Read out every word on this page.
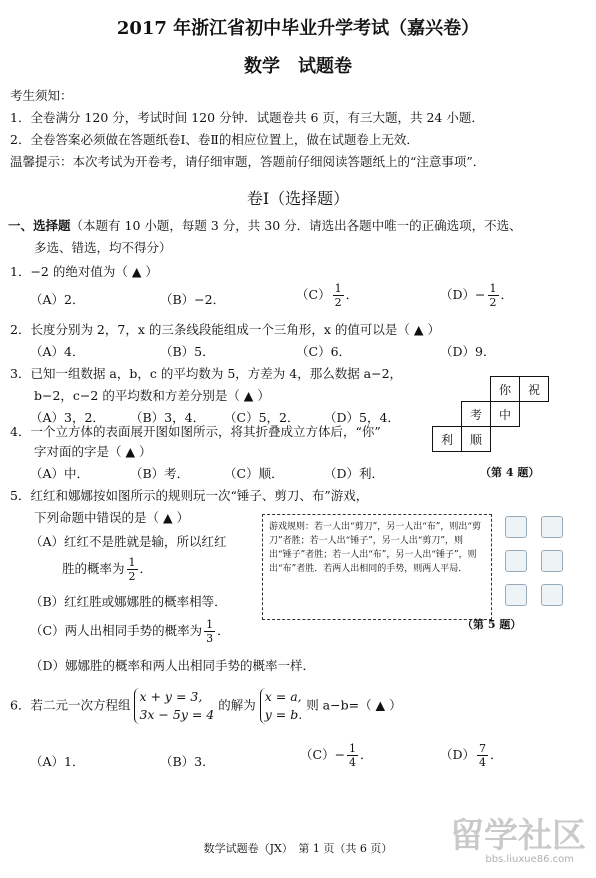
2017 年浙江省初中毕业升学考试（嘉兴卷）
数学　试题卷
考生须知：
1．全卷满分 120 分，考试时间 120 分钟．试题卷共 6 页，有三大题，共 24 小题．
2．全卷答案必须做在答题纸卷Ⅰ、卷Ⅱ的相应位置上，做在试题卷上无效．
温馨提示：本次考试为开卷考，请仔细审题，答题前仔细阅读答题纸上的“注意事项”．
卷Ⅰ（选择题）
一、选择题（本题有 10 小题，每题 3 分，共 30 分．请选出各题中唯一的正确选项，不选、
多选、错选，均不得分）
1．−2 的绝对值为（ ▲ ）
（A）2．	（B）−2．	$(C) \frac{1}{2}$ ．	$(D)- \frac{1}{2}$ ．
2．长度分别为 2，7，x 的三条线段能组成一个三角形，x 的值可以是（ ▲ ）
（A）4．	（B）5．	（C）6．	（D）9．
3．已知一组数据 a，b，c 的平均数为 5，方差为 4，那么数据 a−2，
b−2，c−2 的平均数和方差分别是（ ▲ ）
（A）3，2． （B）3，4． （C）5，2． （D）5，4．
		你	祝
	考	中	
利	顺		
（第 4 题）
4．一个立方体的表面展开图如图所示，将其折叠成立方体后，“你”
字对面的字是（ ▲ ）
（A）中．	（B）考．	（C）顺．	（D）利．
5．红红和娜娜按如图所示的规则玩一次“锤子、剪刀、布”游戏，
下列命题中错误的是（ ▲ ）
（A）红红不是胜就是输，所以红红
胜的概率为 $\frac{1}{2}$ ．
（B）红红胜或娜娜胜的概率相等．
（C）两人出相同手势的概率为 $\frac{1}{3}$ ．
（D）娜娜胜的概率和两人出相同手势的概率一样．
游戏规则：若一人出“剪刀”，另一人出“布”，则出“剪刀”者胜；若一人出“锤子”，另一人出“剪刀”，则出“锤子”者胜；若一人出“布”，另一人出“锤子”，则出“布”者胜．若两人出相同的手势，则两人平局．
（第 5 题）
6．若二元一次方程组 x + y = 3,
3x − 5y = 4 的解为 x = a,
y = b. 则 a−b=（ ▲ ）
（A）1．	（B）3．	$(C)- \frac{1}{4}$ ．	$(D) \frac{7}{4}$ ．
数学试题卷（JX）　第 1 页（共 6 页）	留学社区
bbs.liuxue86.com
